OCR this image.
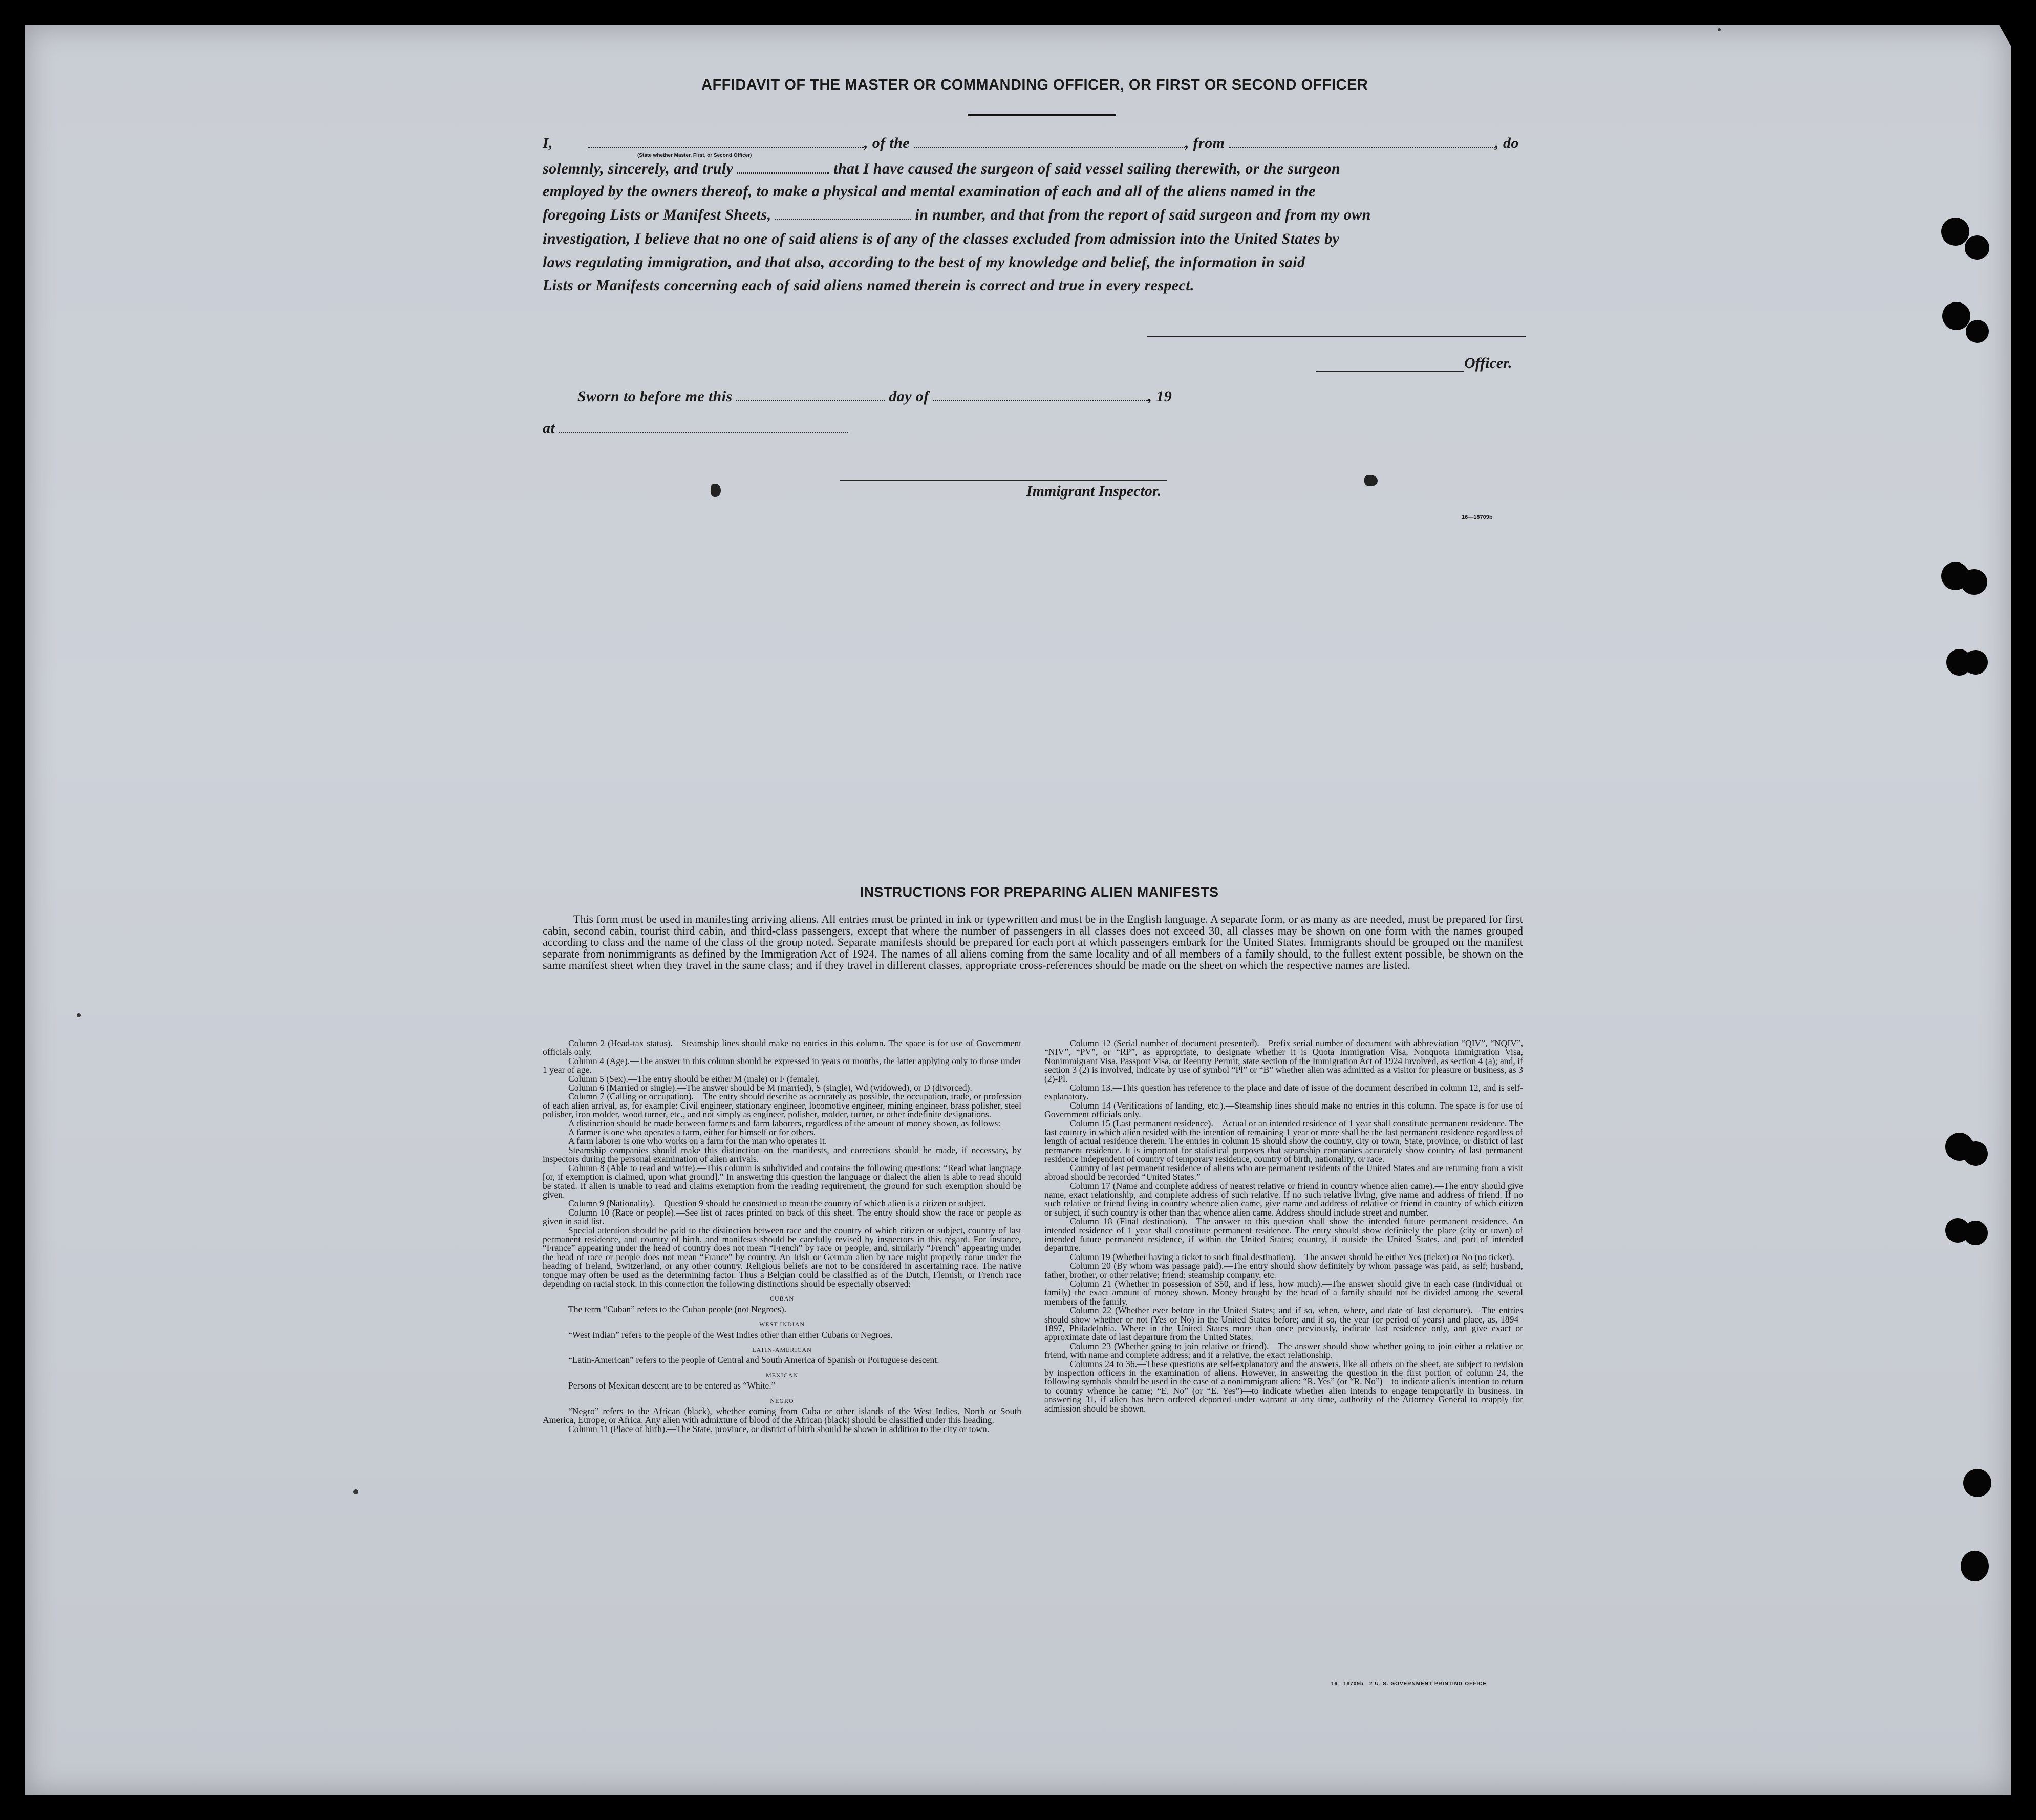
AFFIDAVIT OF THE MASTER OR COMMANDING OFFICER, OR FIRST OR SECOND OFFICER
I,	, of the	, from	, do
(State whether Master, First, or Second Officer)
solemnly, sincerely, and truly	that I have caused the surgeon of said vessel sailing therewith, or the surgeon
employed by the owners thereof, to make a physical and mental examination of each and all of the aliens named in the
foregoing Lists or Manifest Sheets,	in number, and that from the report of said surgeon and from my own
investigation, I believe that no one of said aliens is of any of the classes excluded from admission into the United States by
laws regulating immigration, and that also, according to the best of my knowledge and belief, the information in said
Lists or Manifests concerning each of said aliens named therein is correct and true in every respect.
Officer.
Sworn to before me this	day of	, 19
at
Immigrant Inspector.
16—18709b
INSTRUCTIONS FOR PREPARING ALIEN MANIFESTS
This form must be used in manifesting arriving aliens. All entries must be printed in ink or typewritten and must be in the English language. A separate form, or as many as are needed, must be prepared for first cabin, second cabin, tourist third cabin, and third-class passengers, except that where the number of passengers in all classes does not exceed 30, all classes may be shown on one form with the names grouped according to class and the name of the class of the group noted. Separate manifests should be prepared for each port at which passengers embark for the United States. Immigrants should be grouped on the manifest separate from nonimmigrants as defined by the Immigration Act of 1924. The names of all aliens coming from the same locality and of all members of a family should, to the fullest extent possible, be shown on the same manifest sheet when they travel in the same class; and if they travel in different classes, appropriate cross-references should be made on the sheet on which the respective names are listed.

Column 2 (Head-tax status).—Steamship lines should make no entries in this column. The space is for use of Government officials only.

Column 4 (Age).—The answer in this column should be expressed in years or months, the latter applying only to those under 1 year of age.

Column 5 (Sex).—The entry should be either M (male) or F (female).

Column 6 (Married or single).—The answer should be M (married), S (single), Wd (widowed), or D (divorced).

Column 7 (Calling or occupation).—The entry should describe as accurately as possible, the occupation, trade, or profession of each alien arrival, as, for example: Civil engineer, stationary engineer, locomotive engineer, mining engineer, brass polisher, steel polisher, iron molder, wood turner, etc., and not simply as engineer, polisher, molder, turner, or other indefinite designations.

A distinction should be made between farmers and farm laborers, regardless of the amount of money shown, as follows:

A farmer is one who operates a farm, either for himself or for others.

A farm laborer is one who works on a farm for the man who operates it.

Steamship companies should make this distinction on the manifests, and corrections should be made, if necessary, by inspectors during the personal examination of alien arrivals.

Column 8 (Able to read and write).—This column is subdivided and contains the following questions: “Read what language [or, if exemption is claimed, upon what ground].” In answering this question the language or dialect the alien is able to read should be stated. If alien is unable to read and claims exemption from the reading requirement, the ground for such exemption should be given.

Column 9 (Nationality).—Question 9 should be construed to mean the country of which alien is a citizen or subject.

Column 10 (Race or people).—See list of races printed on back of this sheet. The entry should show the race or people as given in said list.

Special attention should be paid to the distinction between race and the country of which citizen or subject, country of last permanent residence, and country of birth, and manifests should be carefully revised by inspectors in this regard. For instance, “France” appearing under the head of country does not mean “French” by race or people, and, similarly “French” appearing under the head of race or people does not mean “France” by country. An Irish or German alien by race might properly come under the heading of Ireland, Switzerland, or any other country. Religious beliefs are not to be considered in ascertaining race. The native tongue may often be used as the determining factor. Thus a Belgian could be classified as of the Dutch, Flemish, or French race depending on racial stock. In this connection the following distinctions should be especially observed:

CUBAN

The term “Cuban” refers to the Cuban people (not Negroes).

WEST INDIAN

“West Indian” refers to the people of the West Indies other than either Cubans or Negroes.

LATIN-AMERICAN

“Latin-American” refers to the people of Central and South America of Spanish or Portuguese descent.

MEXICAN

Persons of Mexican descent are to be entered as “White.”

NEGRO

“Negro” refers to the African (black), whether coming from Cuba or other islands of the West Indies, North or South America, Europe, or Africa. Any alien with admixture of blood of the African (black) should be classified under this heading.

Column 11 (Place of birth).—The State, province, or district of birth should be shown in addition to the city or town.

Column 12 (Serial number of document presented).—Prefix serial number of document with abbreviation “QIV”, “NQIV”, “NIV”, “PV”, or “RP”, as appropriate, to designate whether it is Quota Immigration Visa, Nonquota Immigration Visa, Nonimmigrant Visa, Passport Visa, or Reentry Permit; state section of the Immigration Act of 1924 involved, as section 4 (a); and, if section 3 (2) is involved, indicate by use of symbol “Pl” or “B” whether alien was admitted as a visitor for pleasure or business, as 3 (2)-Pl.

Column 13.—This question has reference to the place and date of issue of the document described in column 12, and is self-explanatory.

Column 14 (Verifications of landing, etc.).—Steamship lines should make no entries in this column. The space is for use of Government officials only.

Column 15 (Last permanent residence).—Actual or an intended residence of 1 year shall constitute permanent residence. The last country in which alien resided with the intention of remaining 1 year or more shall be the last permanent residence regardless of length of actual residence therein. The entries in column 15 should show the country, city or town, State, province, or district of last permanent residence. It is important for statistical purposes that steamship companies accurately show country of last permanent residence independent of country of temporary residence, country of birth, nationality, or race.

Country of last permanent residence of aliens who are permanent residents of the United States and are returning from a visit abroad should be recorded “United States.”

Column 17 (Name and complete address of nearest relative or friend in country whence alien came).—The entry should give name, exact relationship, and complete address of such relative. If no such relative living, give name and address of friend. If no such relative or friend living in country whence alien came, give name and address of relative or friend in country of which citizen or subject, if such country is other than that whence alien came. Address should include street and number.

Column 18 (Final destination).—The answer to this question shall show the intended future permanent residence. An intended residence of 1 year shall constitute permanent residence. The entry should show definitely the place (city or town) of intended future permanent residence, if within the United States; country, if outside the United States, and port of intended departure.

Column 19 (Whether having a ticket to such final destination).—The answer should be either Yes (ticket) or No (no ticket).

Column 20 (By whom was passage paid).—The entry should show definitely by whom passage was paid, as self; husband, father, brother, or other relative; friend; steamship company, etc.

Column 21 (Whether in possession of $50, and if less, how much).—The answer should give in each case (individual or family) the exact amount of money shown. Money brought by the head of a family should not be divided among the several members of the family.

Column 22 (Whether ever before in the United States; and if so, when, where, and date of last departure).—The entries should show whether or not (Yes or No) in the United States before; and if so, the year (or period of years) and place, as, 1894–1897, Philadelphia. Where in the United States more than once previously, indicate last residence only, and give exact or approximate date of last departure from the United States.

Column 23 (Whether going to join relative or friend).—The answer should show whether going to join either a relative or friend, with name and complete address; and if a relative, the exact relationship.

Columns 24 to 36.—These questions are self-explanatory and the answers, like all others on the sheet, are subject to revision by inspection officers in the examination of aliens. However, in answering the question in the first portion of column 24, the following symbols should be used in the case of a nonimmigrant alien: “R. Yes” (or “R. No”)—to indicate alien’s intention to return to country whence he came; “E. No” (or “E. Yes”)—to indicate whether alien intends to engage temporarily in business. In answering 31, if alien has been ordered deported under warrant at any time, authority of the Attorney General to reapply for admission should be shown.

16—18709b—2 U. S. GOVERNMENT PRINTING OFFICE
